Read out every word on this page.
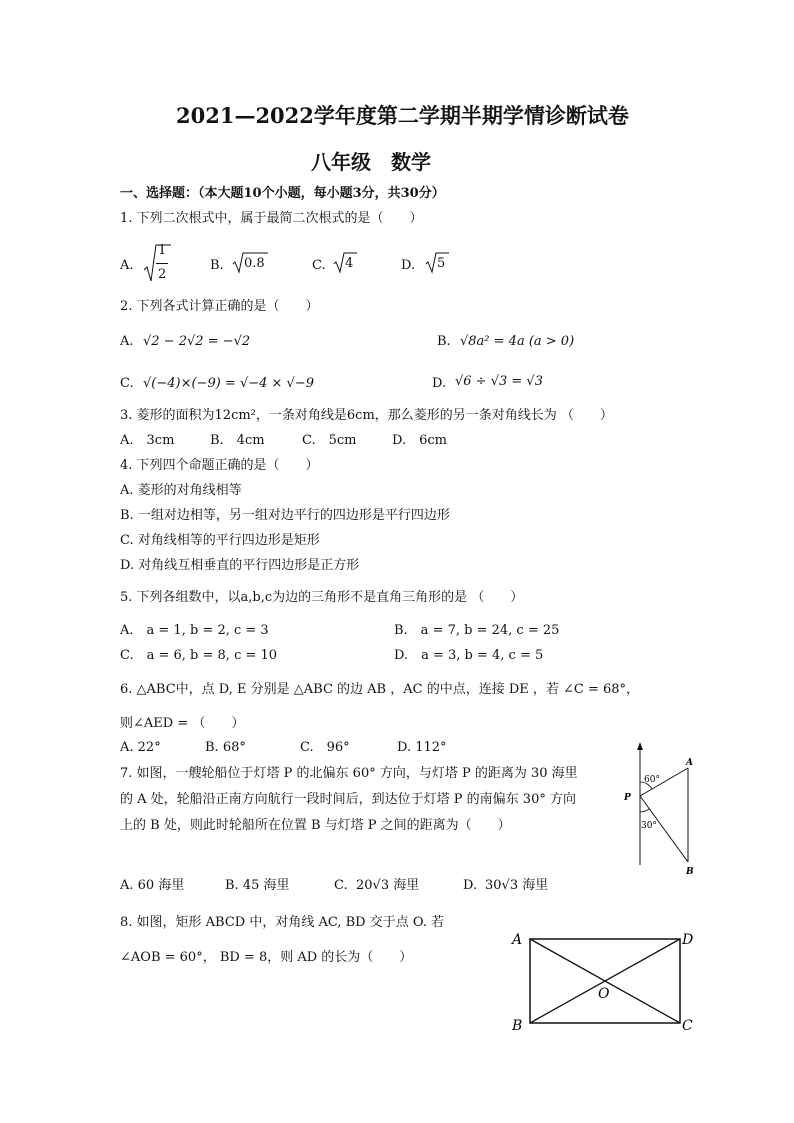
2021—2022学年度第二学期半期学情诊断试卷
八年级　数学
一、选择题：（本大题10个小题，每小题3分，共30分）
1. 下列二次根式中，属于最简二次根式的是（　　）
A.
1
2
B. 0.8	C. 4	D. 5
2. 下列各式计算正确的是（　　）
A. √2 − 2√2 = −√2	B. √8a² = 4a (a > 0)
C. √(−4)×(−9) = √−4 × √−9	D. √6 ÷ √3 = √3
3. 菱形的面积为12cm²，一条对角线是6cm，那么菱形的另一条对角线长为 （　　）
A.　3cm	B.　4cm	C.　5cm	D.　6cm
4. 下列四个命题正确的是（　　）
A. 菱形的对角线相等
B. 一组对边相等，另一组对边平行的四边形是平行四边形
C. 对角线相等的平行四边形是矩形
D. 对角线互相垂直的平行四边形是正方形
5. 下列各组数中，以a,b,c为边的三角形不是直角三角形的是 （　　）
A.　a = 1, b = 2, c = 3	B.　a = 7, b = 24, c = 25
C.　a = 6, b = 8, c = 10	D.　a = 3, b = 4, c = 5
6. △ABC中，点 D, E 分别是 △ABC 的边 AB ，AC 的中点，连接 DE ，若 ∠C = 68°，
则∠AED = （　　）
A. 22°	B. 68°	C.　96°	D. 112°
7. 如图，一艘轮船位于灯塔 P 的北偏东 60° 方向，与灯塔 P 的距离为 30 海里
的 A 处，轮船沿正南方向航行一段时间后，到达位于灯塔 P 的南偏东 30° 方向
上的 B 处，则此时轮船所在位置 B 与灯塔 P 之间的距离为（　　）
A. 60 海里	B. 45 海里	C. 20√3 海里	D. 30√3 海里
60°
30°
P
A
B
8. 如图，矩形 ABCD 中，对角线 AC, BD 交于点 O. 若
∠AOB = 60°， BD = 8，则 AD 的长为（　　）
A	D
B	C
O
